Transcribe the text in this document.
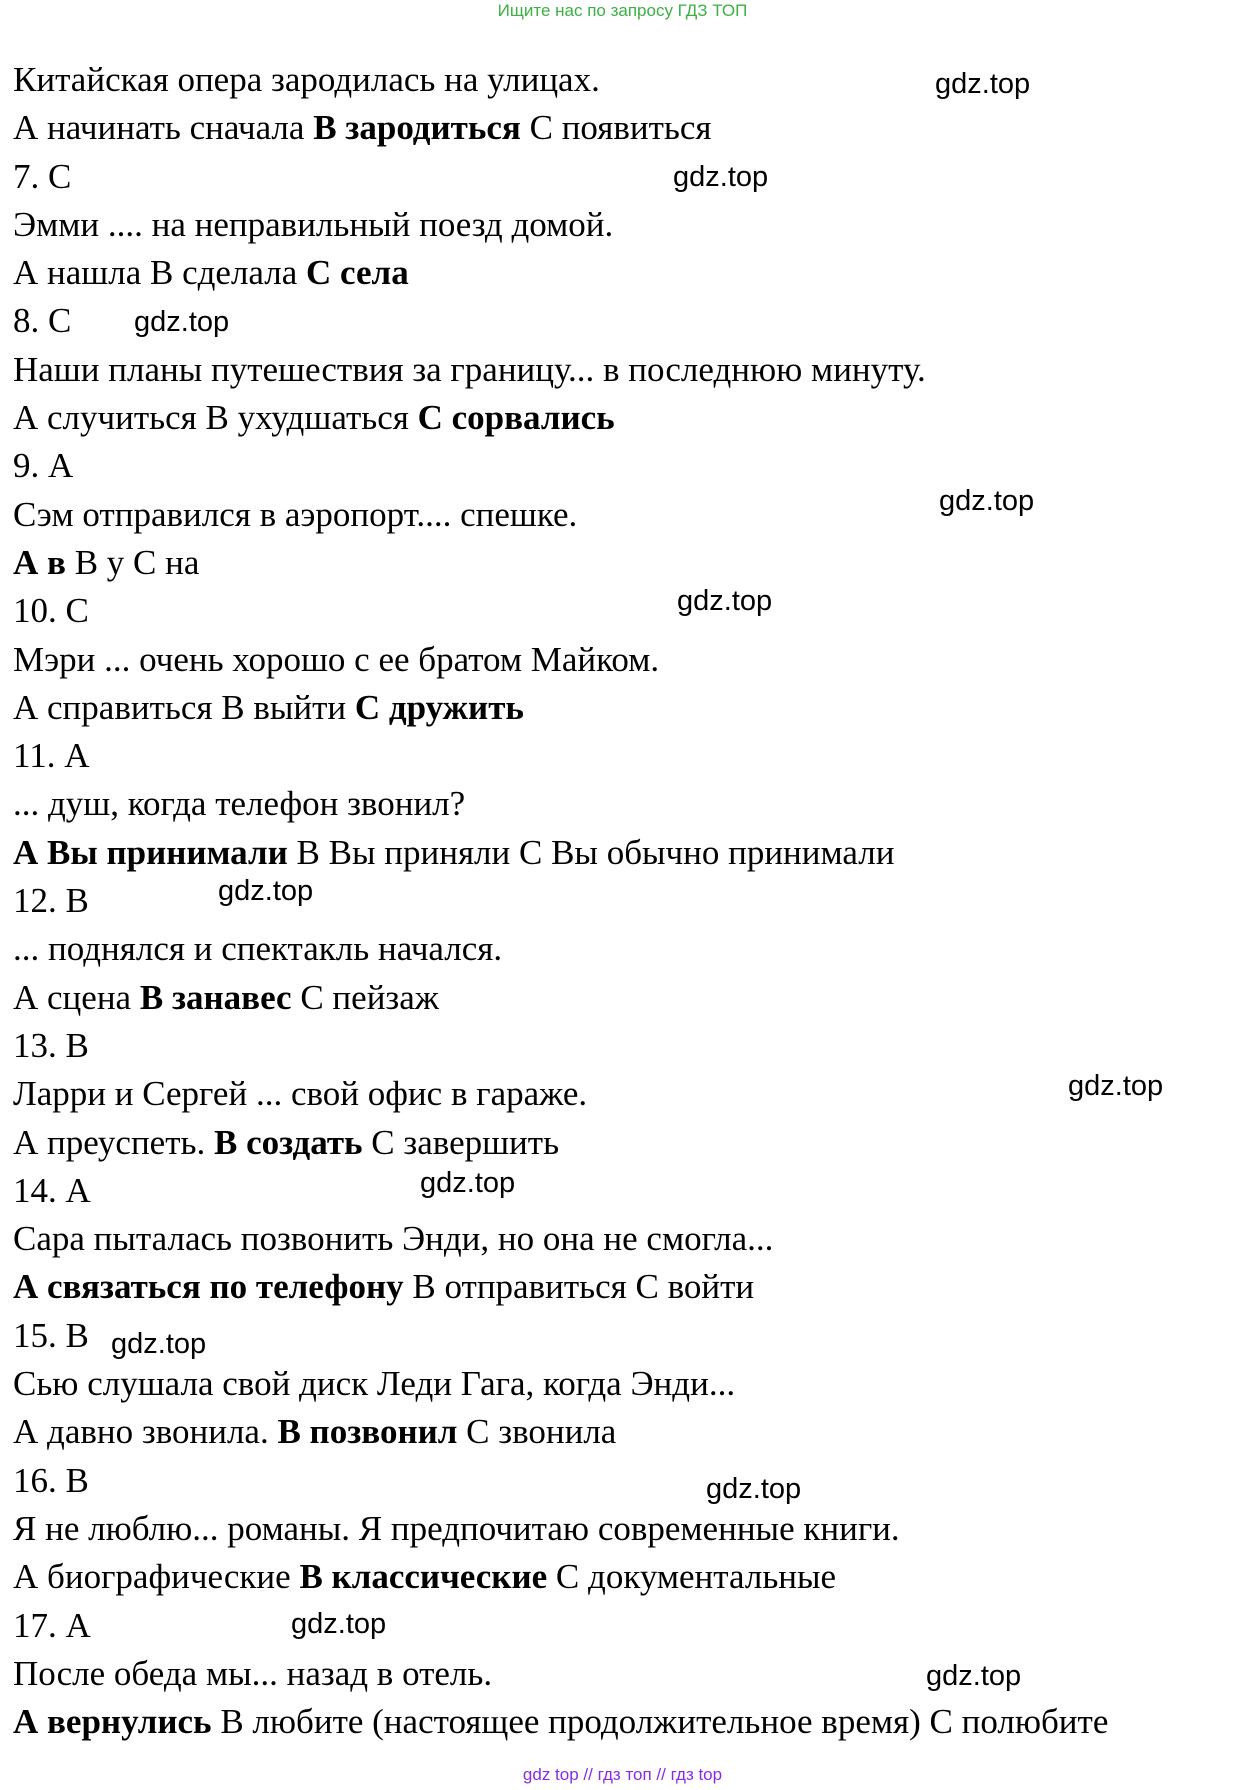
Ищите нас по запросу ГДЗ ТОП
Китайская опера зародилась на улицах.
А начинать сначала В зародиться С появиться
7. С
Эмми .... на неправильный поезд домой.
А нашла В сделала С села
8. С
Наши планы путешествия за границу... в последнюю минуту.
А случиться В ухудшаться С сорвались
9. А
Сэм отправился в аэропорт.... спешке.
А в В у С на
10. С
Мэри ... очень хорошо с ее братом Майком.
А справиться В выйти С дружить
11. А
... душ, когда телефон звонил?
А Вы принимали В Вы приняли С Вы обычно принимали
12. В
... поднялся и спектакль начался.
А сцена В занавес С пейзаж
13. В
Ларри и Сергей ... свой офис в гараже.
А преуспеть. В создать С завершить
14. А
Сара пыталась позвонить Энди, но она не смогла...
А связаться по телефону В отправиться С войти
15. В
Сью слушала свой диск Леди Гага, когда Энди...
А давно звонила. В позвонил С звонила
16. В
Я не люблю... романы. Я предпочитаю современные книги.
А биографические В классические С документальные
17. А
После обеда мы... назад в отель.
А вернулись В любите (настоящее продолжительное время) С полюбите
gdz.top
gdz.top
gdz.top
gdz.top
gdz.top
gdz.top
gdz.top
gdz.top
gdz.top
gdz.top
gdz.top
gdz.top
gdz top // гдз топ // гдз top
